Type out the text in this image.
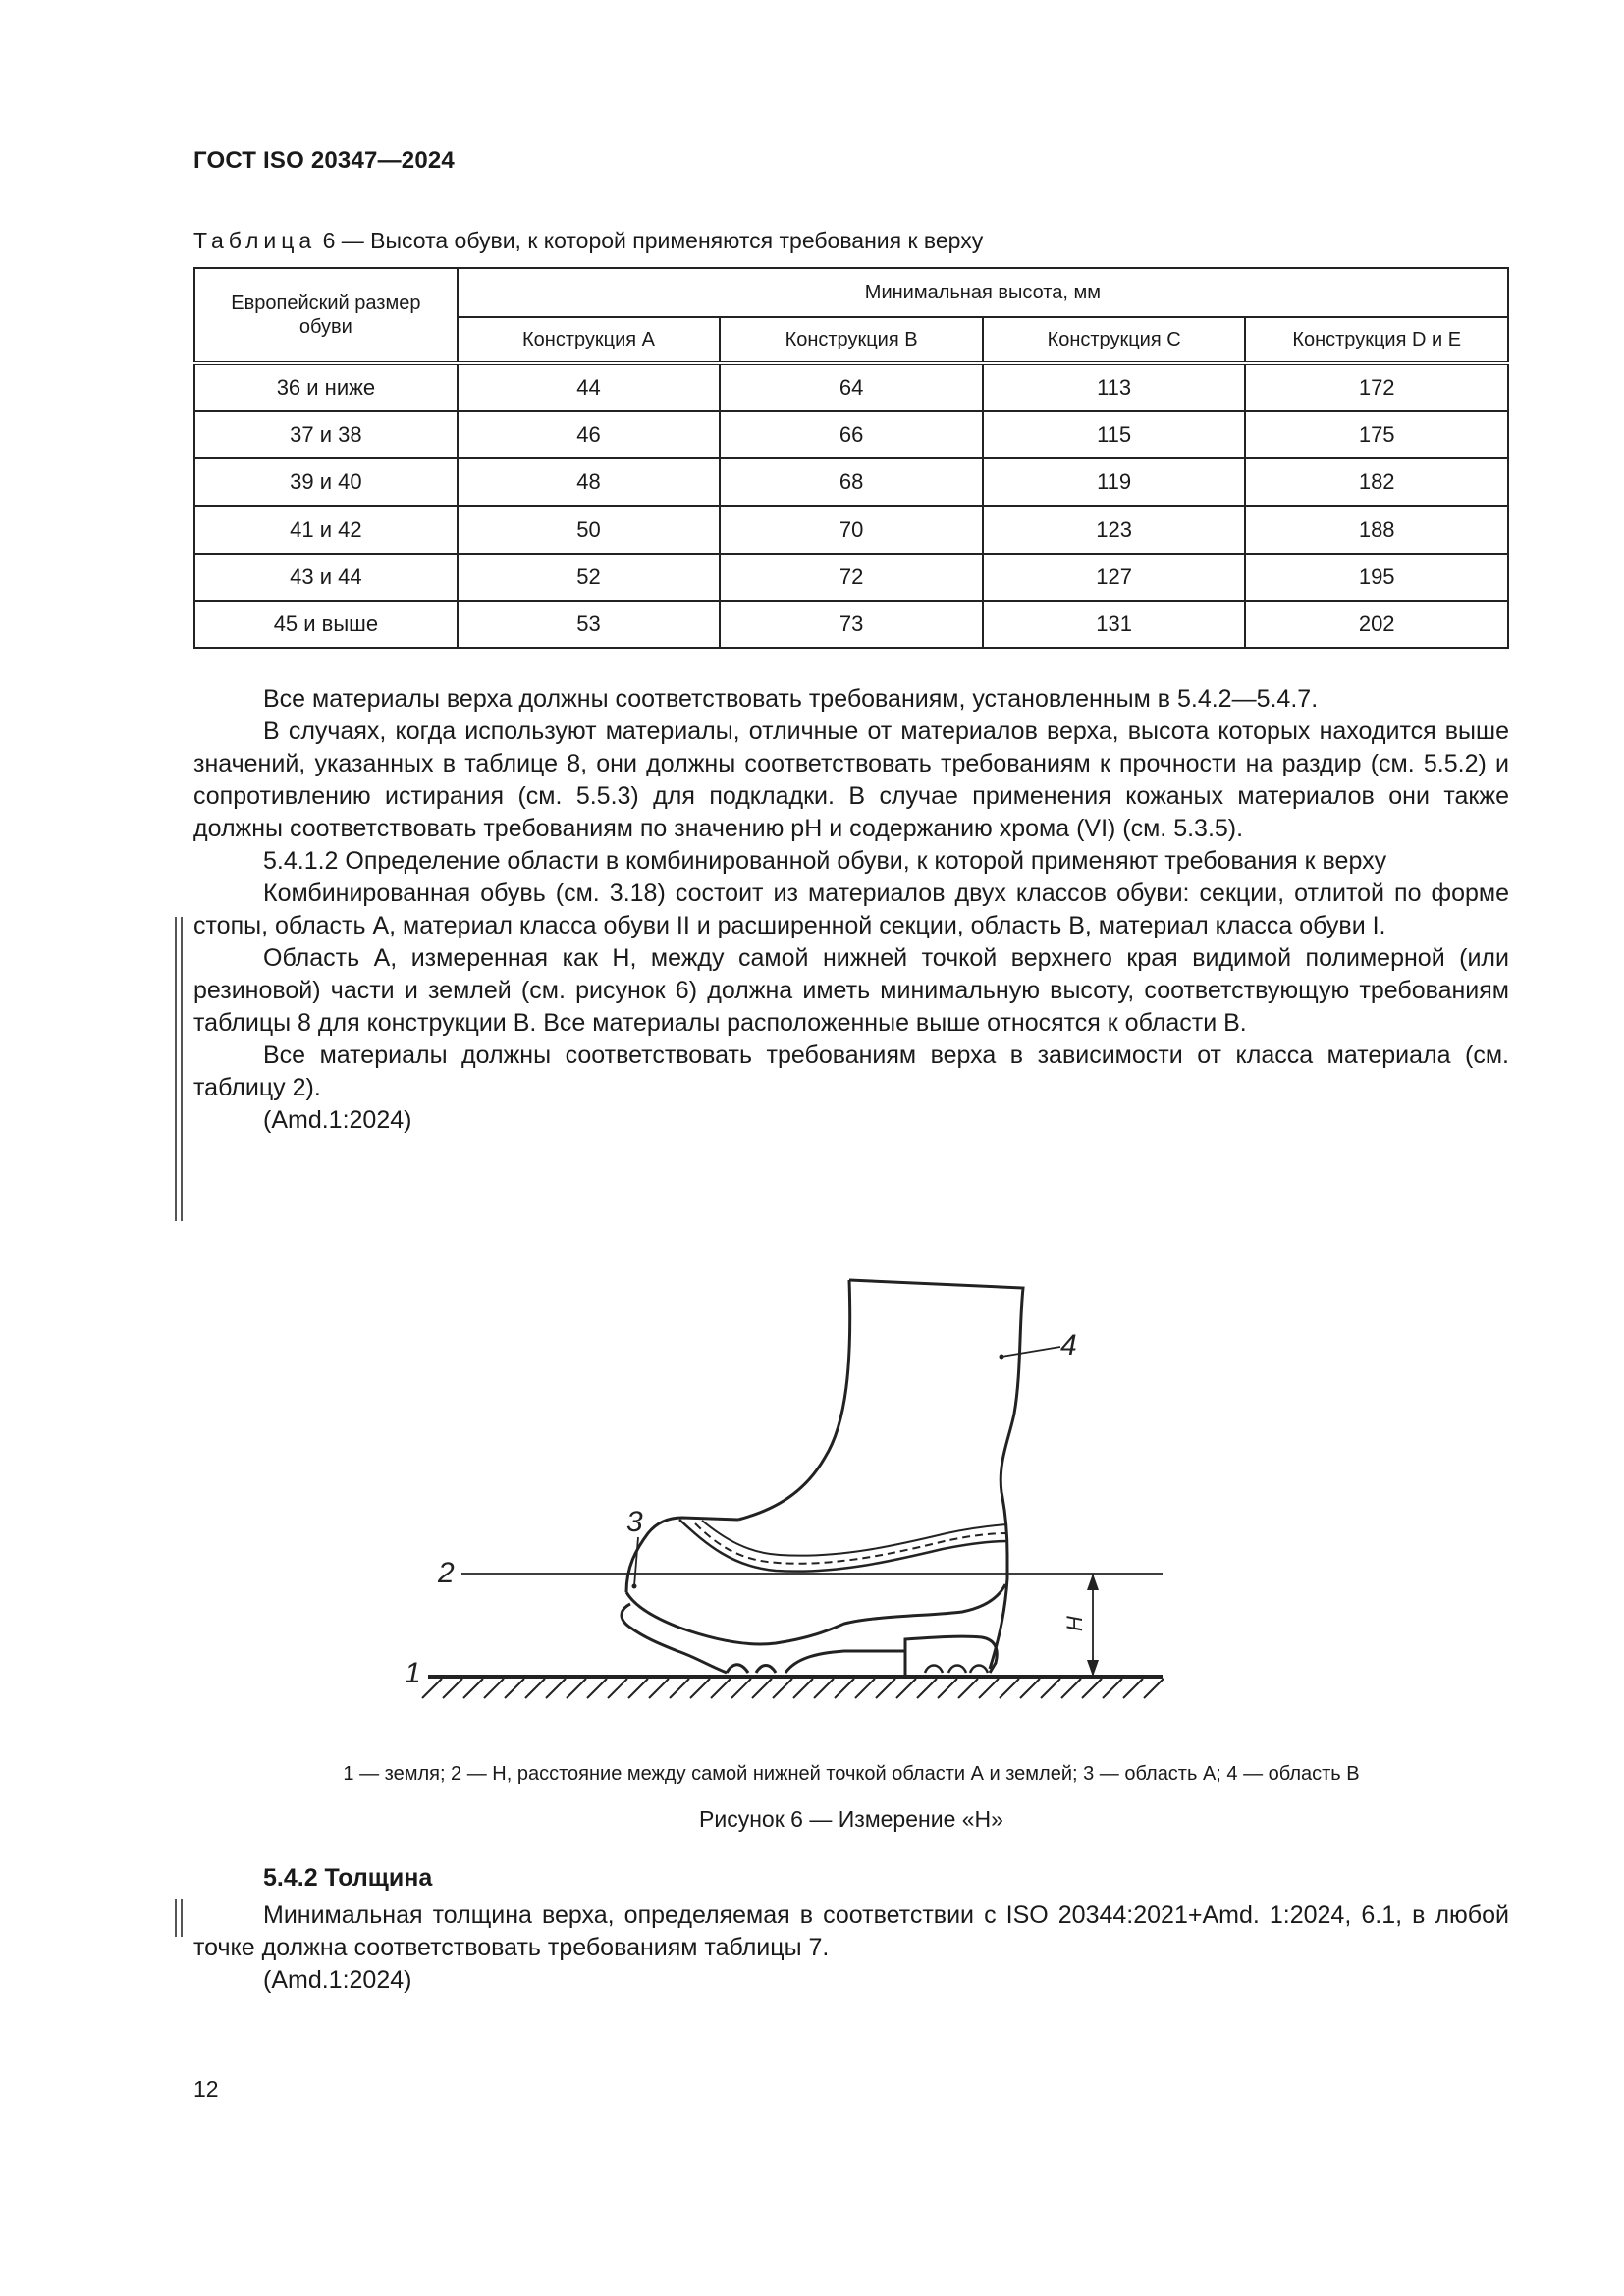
ГОСТ ISO 20347—2024
Таблица 6 — Высота обуви, к которой применяются требования к верху
Европейский размер обуви	Минимальная высота, мм			
	Конструкция A	Конструкция B	Конструкция C	Конструкция D и E
36 и ниже	44	64	113	172
37 и 38	46	66	115	175
39 и 40	48	68	119	182
41 и 42	50	70	123	188
43 и 44	52	72	127	195
45 и выше	53	73	131	202

Все материалы верха должны соответствовать требованиям, установленным в 5.4.2—5.4.7.

В случаях, когда используют материалы, отличные от материалов верха, высота которых находится выше значений, указанных в таблице 8, они должны соответствовать требованиям к прочности на раздир (см. 5.5.2) и сопротивлению истирания (см. 5.5.3) для подкладки. В случае применения кожаных материалов они также должны соответствовать требованиям по значению pH и содержанию хрома (VI) (см. 5.3.5).

5.4.1.2 Определение области в комбинированной обуви, к которой применяют требования к верху

Комбинированная обувь (см. 3.18) состоит из материалов двух классов обуви: секции, отлитой по форме стопы, область А, материал класса обуви II и расширенной секции, область В, материал класса обуви I.

Область А, измеренная как H, между самой нижней точкой верхнего края видимой полимерной (или резиновой) части и землей (см. рисунок 6) должна иметь минимальную высоту, соответствующую требованиям таблицы 8 для конструкции В. Все материалы расположенные выше относятся к области В.

Все материалы должны соответствовать требованиям верха в зависимости от класса материала (см. таблицу 2).

(Amd.1:2024)

4
3
2
1
H
1 — земля; 2 — H, расстояние между самой нижней точкой области А и землей; 3 — область А; 4 — область В
Рисунок 6 — Измерение «H»
5.4.2 Толщина

Минимальная толщина верха, определяемая в соответствии с ISO 20344:2021+Amd. 1:2024, 6.1, в любой точке должна соответствовать требованиям таблицы 7.

(Amd.1:2024)

12
